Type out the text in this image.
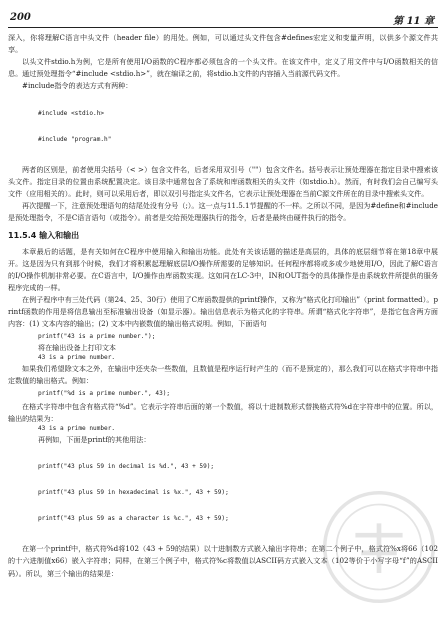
200	第 11 章

深入，你将理解C语言中头文件（header file）的用处。例如，可以通过头文件包含#defines宏定义和变量声明，以供多个源文件共享。

以头文件stdio.h为例，它是所有使用I/O函数的C程序都必须包含的一个头文件。在该文件中，定义了用文件中与I/O函数相关的信息。通过预处理指令“#include <stdio.h>”，就在编译之前，将stdio.h文件的内容插入当前源代码文件。

#include指令的表达方式有两种：

#include <stdio.h>

#include "program.h"

两者的区别是，前者使用尖括号（< >）包含文件名，后者采用双引号（""）包含文件名。括号表示让预处理器在指定目录中搜索该头文件。指定目录的位置由系统配置决定。该目录中通常包含了系统和库函数相关的头文件（如stdio.h）。然而，有时我们会自己编写头文件（应用相关的）。此时，则可以采用后者，即以双引号指定头文件名，它表示让预处理器在当前C源文件所在的目录中搜索头文件。

再次提醒一下，注意预处理语句的结尾处没有分号（;）。这一点与11.5.1节提醒的不一样。之所以不同，是因为#define和#include是预处理指令，不是C语言语句（或指令）。前者是交给预处理器执行的指令，后者是最终由硬件执行的指令。

11.5.4 输入和输出

本章最后的话题，是有关如何在C程序中使用输入和输出功能。此处有关该话题的描述是高层的，具体的底层细节将在第18章中展开。这是因为只有到那个时候，我们才将积累起理解底层I/O操作所需要的足够知识。任何程序都将或多或少地使用I/O，因此了解C语言的I/O操作机制非常必要。在C语言中，I/O操作由库函数实现。这如同在LC-3中，IN和OUT指令的具体操作是由系统软件所提供的服务程序完成的一样。

在例子程序中有三处代码（第24、25、30行）使用了C库函数提供的printf操作，又称为“格式化打印输出”（print formatted）。printf函数的作用是将信息输出至标准输出设备（如显示器）。输出信息表示为格式化的字符串。所谓“格式化字符串”，是指它包含两方面内容：(1) 文本内容的输出；(2) 文本中内嵌数值的输出格式说明。例如，下面语句

printf("43 is a prime number.");
将在输出设备上打印文本
43 is a prime number.

如果我们希望除文本之外，在输出中还夹杂一些数值，且数值是程序运行时产生的（而不是预定的），那么我们可以在格式字符串中指定数值的输出格式。例如：

printf("%d is a prime number.", 43);

在格式字符串中包含有格式符“%d”。它表示字符串后面的第一个数值，将以十进制数形式替换格式符%d在字符串中的位置。所以，输出的结果为：

43 is a prime number.
再例如，下面是printf的其他用法：

printf("43 plus 59 in decimal is %d.", 43 + 59);

printf("43 plus 59 in hexadecimal is %x.", 43 + 59);

printf("43 plus 59 as a character is %c.", 43 + 59);

在第一个printf中，格式符%d将102（43 + 59的结果）以十进制数方式嵌入输出字符串；在第二个例子中，格式符%x将66（102的十六进制值x66）嵌入字符串；同样，在第三个例子中，格式符%c将数值以ASCII码方式嵌入文本（102等价于小写字母“f”的ASCII码）。所以，第三个输出的结果是：
